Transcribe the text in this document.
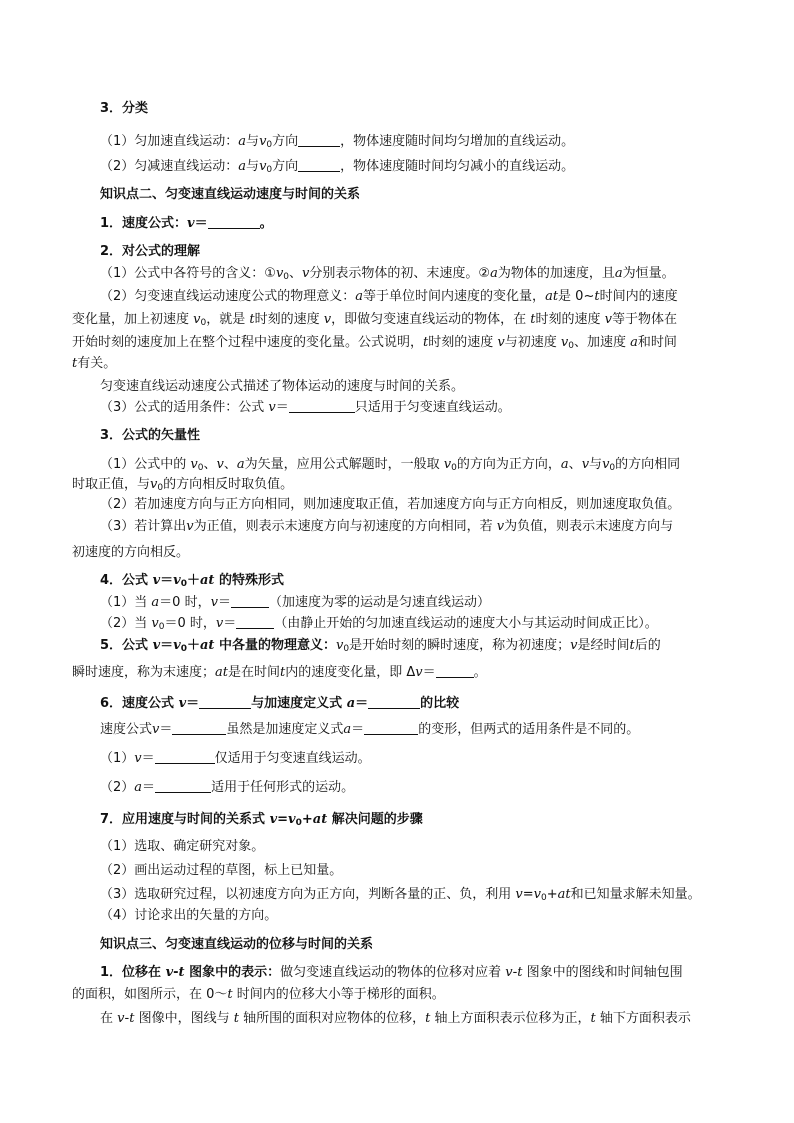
3．分类
（1）匀加速直线运动：a与$v_0$方向	，物体速度随时间均匀增加的直线运动。
（2）匀减速直线运动：a与$v_0$方向	，物体速度随时间均匀减小的直线运动。
知识点二、匀变速直线运动速度与时间的关系
1．速度公式：v＝	。
2．对公式的理解
（1）公式中各符号的含义：$①v_0$、v分别表示物体的初、末速度。②a为物体的加速度，且a为恒量。
（2）匀变速直线运动速度公式的物理意义：a等于单位时间内速度的变化量，at是 0~t时间内的速度
变化量，加上初速度 $v_0$，就是 t时刻的速度 v，即做匀变速直线运动的物体，在 t时刻的速度 v等于物体在
开始时刻的速度加上在整个过程中速度的变化量。公式说明，t时刻的速度 v与初速度 $v_0$、加速度 a和时间
t有关。
匀变速直线运动速度公式描述了物体运动的速度与时间的关系。
（3）公式的适用条件：公式 v＝	只适用于匀变速直线运动。
3．公式的矢量性
（1）公式中的 $v_0$、v、a为矢量，应用公式解题时，一般取 $v_0$的方向为正方向，a、v与$v_0$的方向相同
时取正值，与$v_0$的方向相反时取负值。
（2）若加速度方向与正方向相同，则加速度取正值，若加速度方向与正方向相反，则加速度取负值。
（3）若计算出v为正值，则表示末速度方向与初速度的方向相同，若 v为负值，则表示末速度方向与
初速度的方向相反。
4．公式 $v=v_0+at$ 的特殊形式
（1）当 a＝0 时，v＝	（加速度为零的运动是匀速直线运动）
（2）当 $v_0=0$ 时，v＝	（由静止开始的匀加速直线运动的速度大小与其运动时间成正比）。
5．公式 $v=v_0+at$ 中各量的物理意义：$v_0$是开始时刻的瞬时速度，称为初速度；v是经时间t后的
瞬时速度，称为末速度；at是在时间t内的速度变化量，即 Δv＝	。
6．速度公式 v＝	与加速度定义式 a＝	的比较
速度公式v＝	虽然是加速度定义式a＝	的变形，但两式的适用条件是不同的。
（1）v＝	仅适用于匀变速直线运动。
（2）a＝	适用于任何形式的运动。
7．应用速度与时间的关系式 $v=v_0+at$ 解决问题的步骤
（1）选取、确定研究对象。
（2）画出运动过程的草图，标上已知量。
（3）选取研究过程，以初速度方向为正方向，判断各量的正、负，利用 $v=v_0+at$和已知量求解未知量。
（4）讨论求出的矢量的方向。
知识点三、匀变速直线运动的位移与时间的关系
1．位移在 v-t 图象中的表示：做匀变速直线运动的物体的位移对应着 v-t 图象中的图线和时间轴包围
的面积，如图所示，在 0～t 时间内的位移大小等于梯形的面积。
在 v-t 图像中，图线与 t 轴所围的面积对应物体的位移，t 轴上方面积表示位移为正，t 轴下方面积表示
